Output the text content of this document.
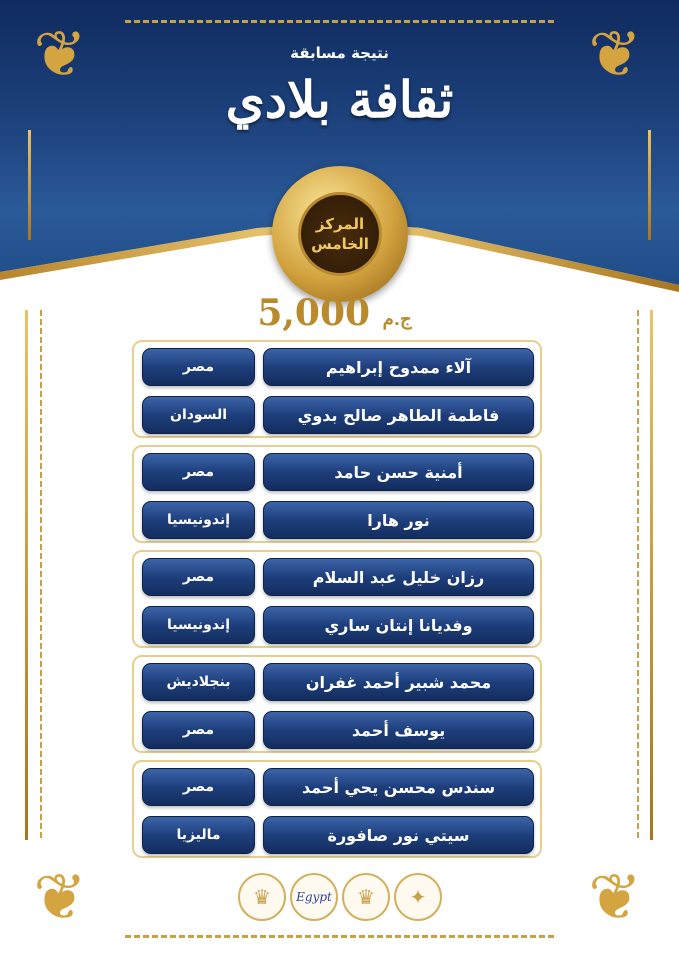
❦	❦
❦	❦
نتيجة مسابقة
ثقافة بلادي
المركز
الخامس
ج.م 5,000
مصر	آلاء ممدوح إبراهيم
السودان	فاطمة الطاهر صالح بدوي
مصر	أمنية حسن حامد
إندونيسيا	نور هارا
مصر	رزان خليل عبد السلام
إندونيسيا	وفديانا إنتان ساري
بنجلاديش	محمد شبير أحمد غفران
مصر	يوسف أحمد
مصر	سندس محسن يحي أحمد
ماليزيا	سيتي نور صافورة
♛	Egypt	♛	✦
